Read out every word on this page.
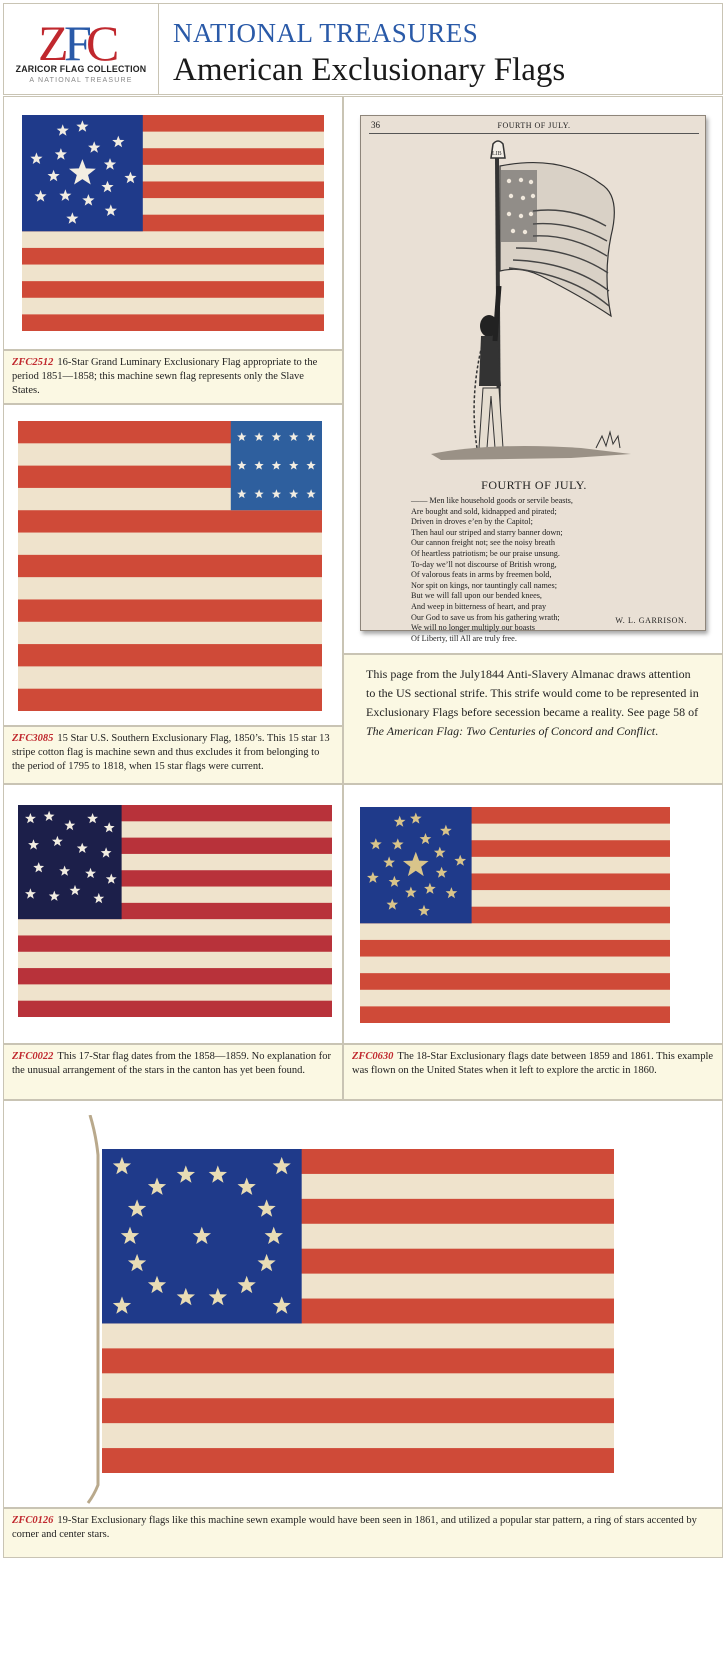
Z
F
C
ZARICOR FLAG COLLECTION
A NATIONAL TREASURE
NATIONAL TREASURES
American Exclusionary Flags
ZFC2512 16-Star Grand Luminary Exclusionary Flag appropriate to the period 1851—1858; this machine sewn flag represents only the Slave States.
36	FOURTH OF JULY.
LIB
FOURTH OF JULY.
—— Men like household goods or servile beasts,
Are bought and sold, kidnapped and pirated;
Driven in droves e’en by the Capitol;
Then haul our striped and starry banner down;
Our cannon freight not; see the noisy breath
Of heartless patriotism; be our praise unsung.
To-day we’ll not discourse of British wrong,
Of valorous feats in arms by freemen bold,
Nor spit on kings, nor tauntingly call names;
But we will fall upon our bended knees,
And weep in bitterness of heart, and pray
Our God to save us from his gathering wrath;
We will no longer multiply our boasts
Of Liberty, till All are truly free.
W. L. GARRISON.
This page from the July1844 Anti-Slavery Almanac draws attention to the US sectional strife. This strife would come to be represented in Exclusionary Flags before secession became a reality. See page 58 of The American Flag: Two Centuries of Concord and Conflict.
ZFC3085 15 Star U.S. Southern Exclusionary Flag, 1850’s. This 15 star 13 stripe cotton flag is machine sewn and thus excludes it from belonging to the period of 1795 to 1818, when 15 star flags were current.
ZFC0022 This 17-Star flag dates from the 1858—1859. No explanation for the unusual arrangement of the stars in the canton has yet been found.
ZFC0630 The 18-Star Exclusionary flags date between 1859 and 1861. This example was flown on the United States when it left to explore the arctic in 1860.
ZFC0126 19-Star Exclusionary flags like this machine sewn example would have been seen in 1861, and utilized a popular star pattern, a ring of stars accented by corner and center stars.
